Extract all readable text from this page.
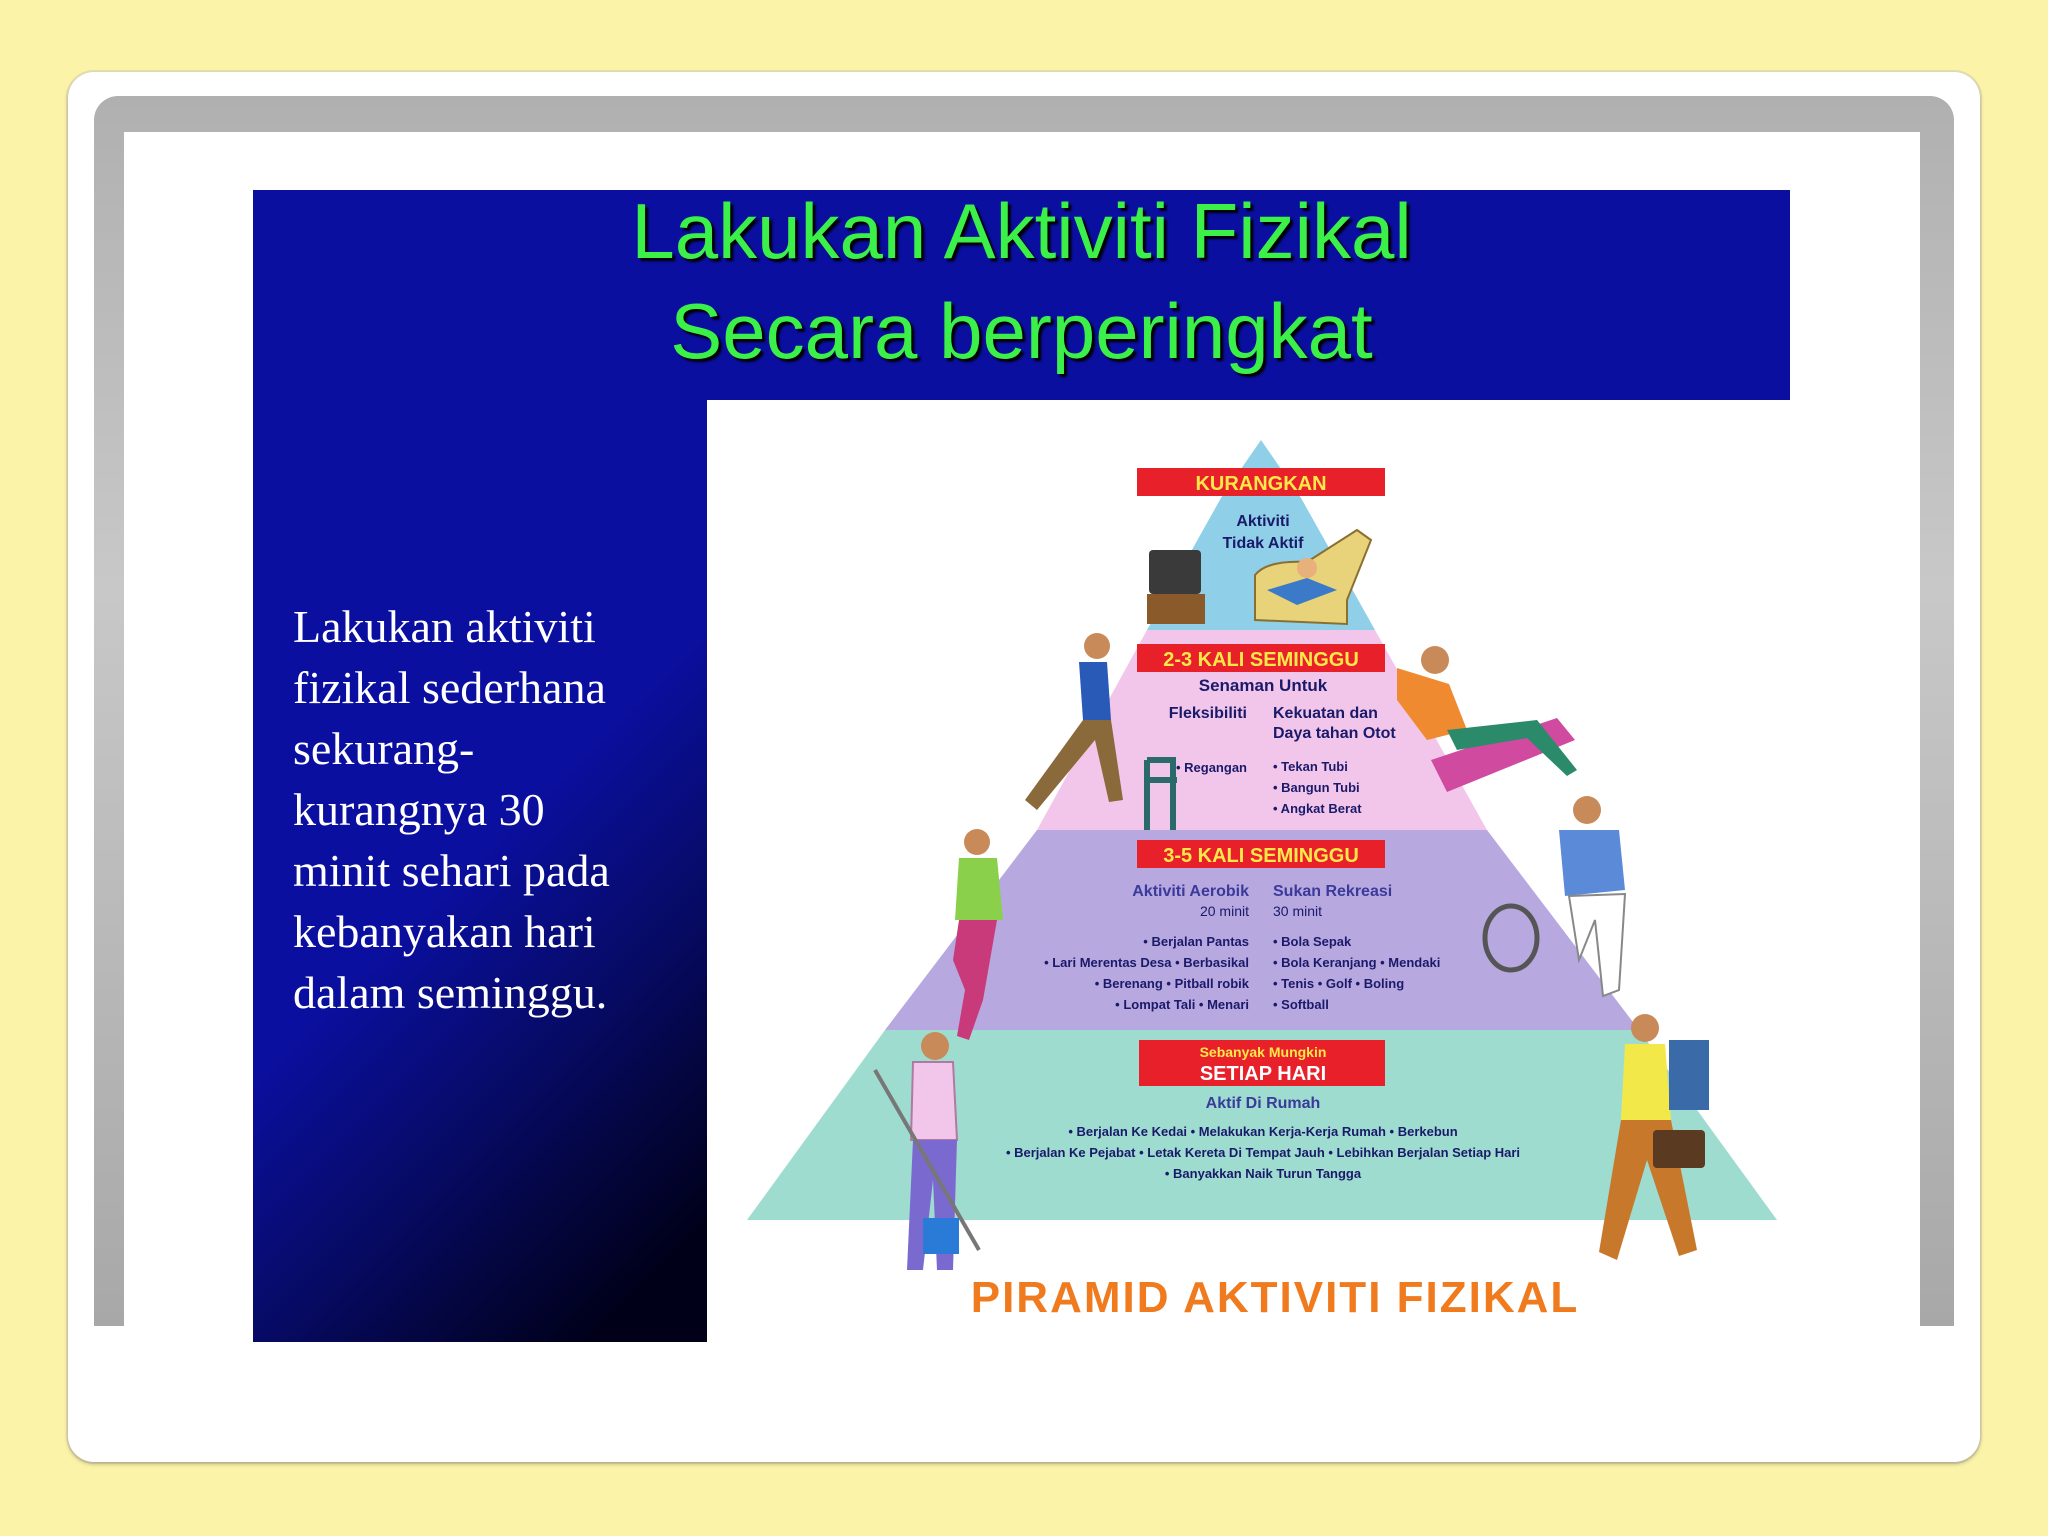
Lakukan Aktiviti Fizikal
Secara berperingkat
Lakukan aktiviti
fizikal sederhana
sekurang-
kurangnya 30
minit sehari pada
kebanyakan hari
dalam seminggu.
KURANGKAN
Aktiviti
Tidak Aktif
2-3 KALI SEMINGGU
Senaman Untuk
Fleksibiliti Kekuatan dan
Daya tahan Otot
• Regangan • Tekan Tubi
• Bangun Tubi
• Angkat Berat
3-5 KALI SEMINGGU
Aktiviti Aerobik
20 minit
Sukan Rekreasi
30 minit
• Berjalan Pantas
• Lari Merentas Desa • Berbasikal
• Berenang • Pitball robik
• Lompat Tali • Menari
• Bola Sepak
• Bola Keranjang • Mendaki
• Tenis • Golf • Boling
• Softball
Sebanyak Mungkin
SETIAP HARI
Aktif Di Rumah
• Berjalan Ke Kedai • Melakukan Kerja-Kerja Rumah • Berkebun
• Berjalan Ke Pejabat • Letak Kereta Di Tempat Jauh • Lebihkan Berjalan Setiap Hari
• Banyakkan Naik Turun Tangga
PIRAMID AKTIVITI FIZIKAL
